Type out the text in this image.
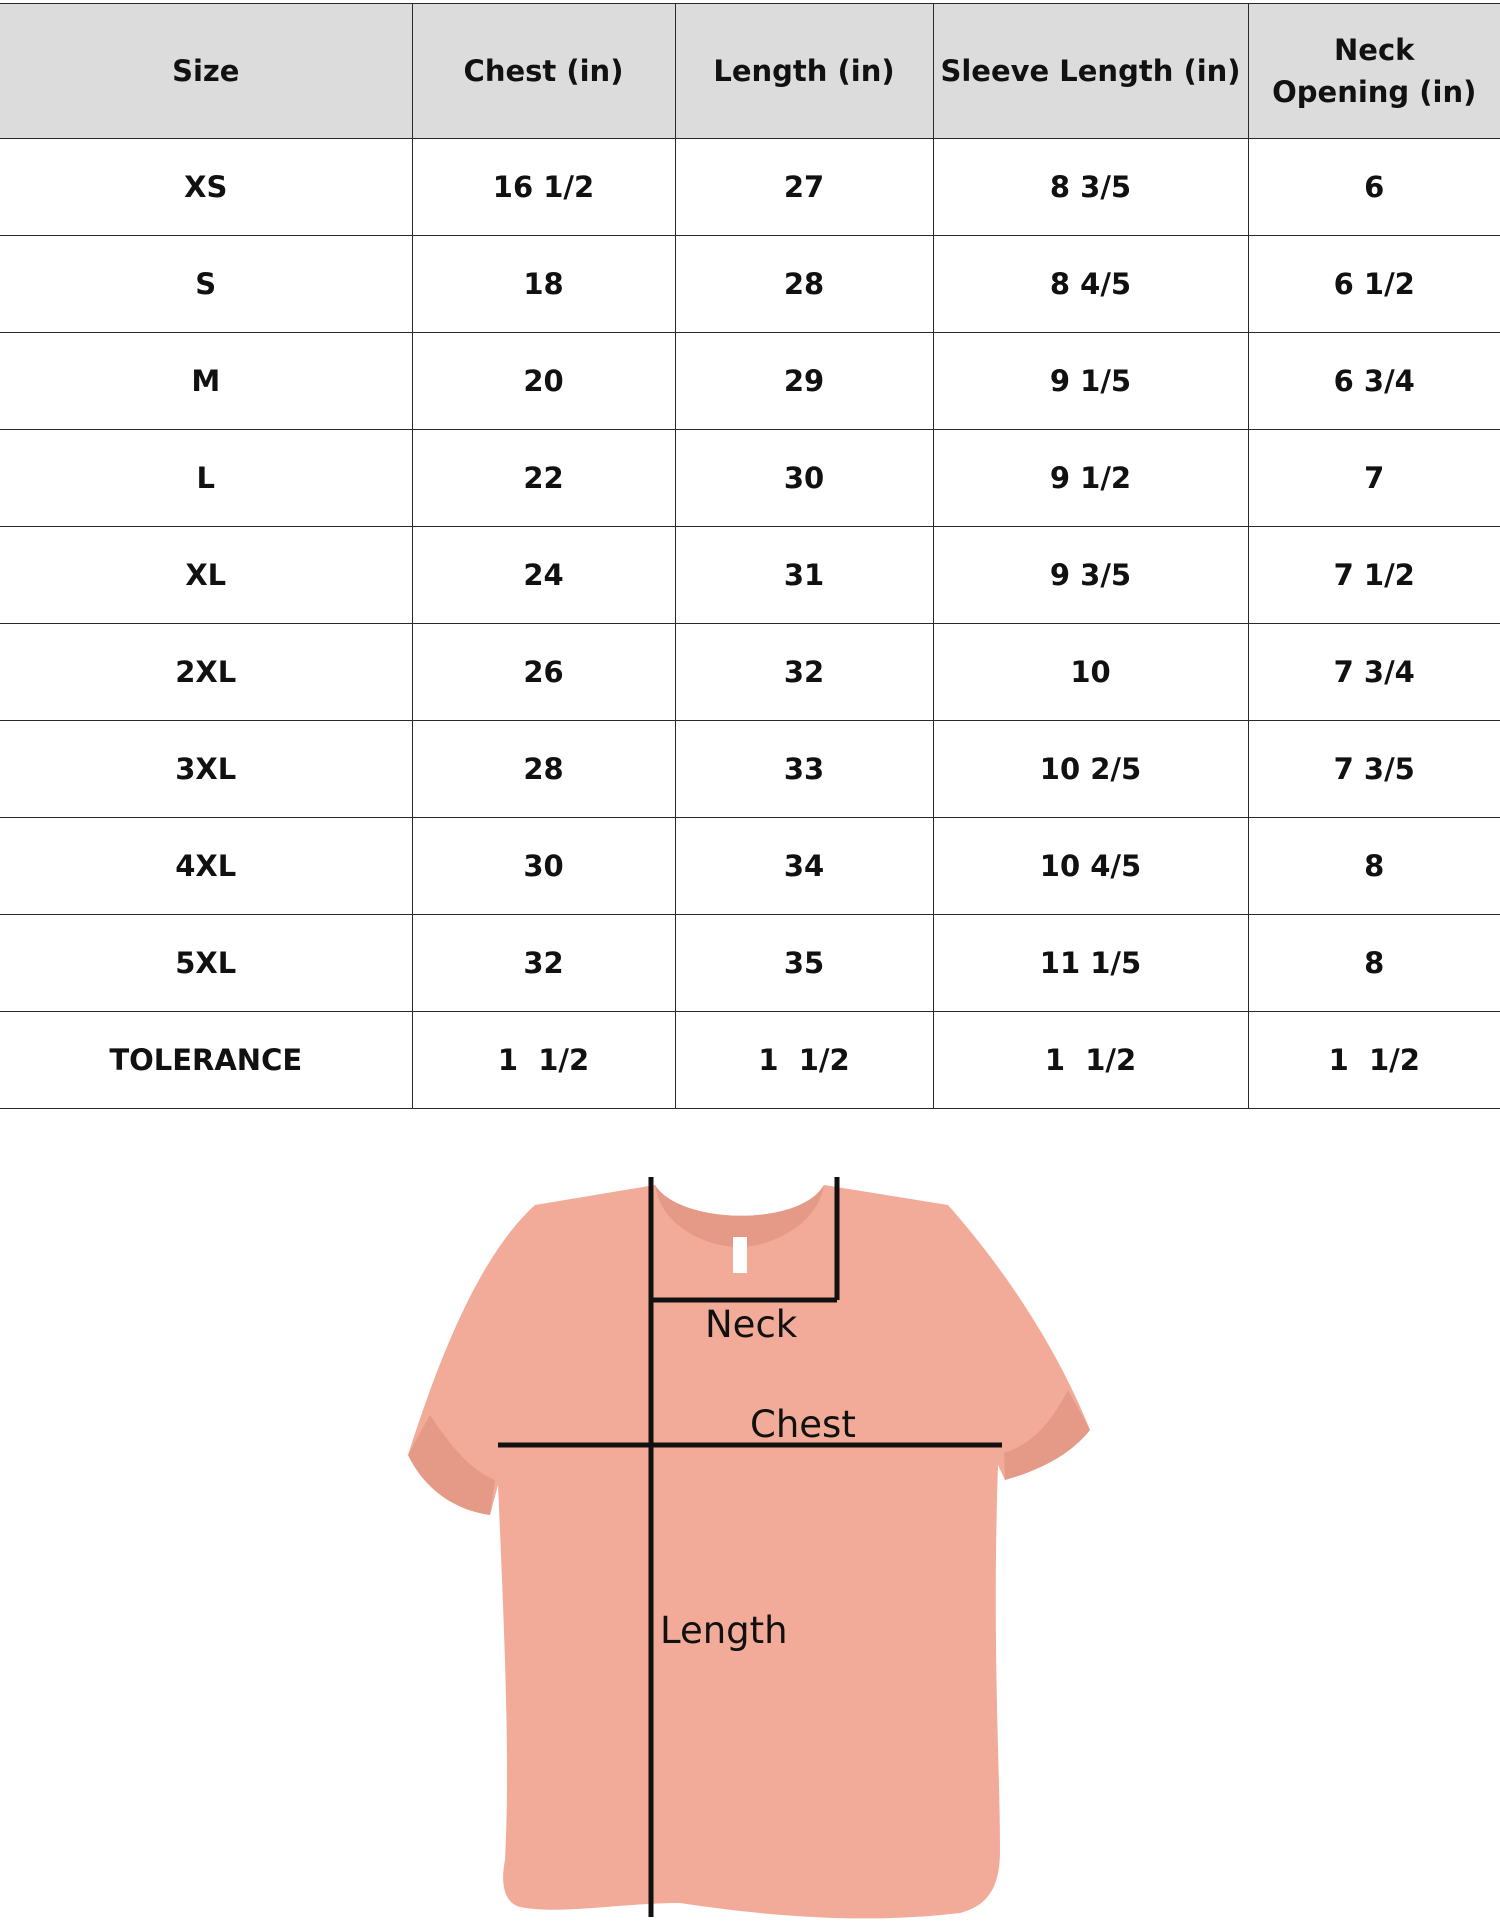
Size	Chest (in)	Length (in)	Sleeve Length (in)	Neck Opening (in)
XS	16 1/2	27	8 3/5	6
S	18	28	8 4/5	6 1/2
M	20	29	9 1/5	6 3/4
L	22	30	9 1/2	7
XL	24	31	9 3/5	7 1/2
2XL	26	32	10	7 3/4
3XL	28	33	10 2/5	7 3/5
4XL	30	34	10 4/5	8
5XL	32	35	11 1/5	8
TOLERANCE	1  1/2	1  1/2	1  1/2	1  1/2
Neck
Chest
Length
